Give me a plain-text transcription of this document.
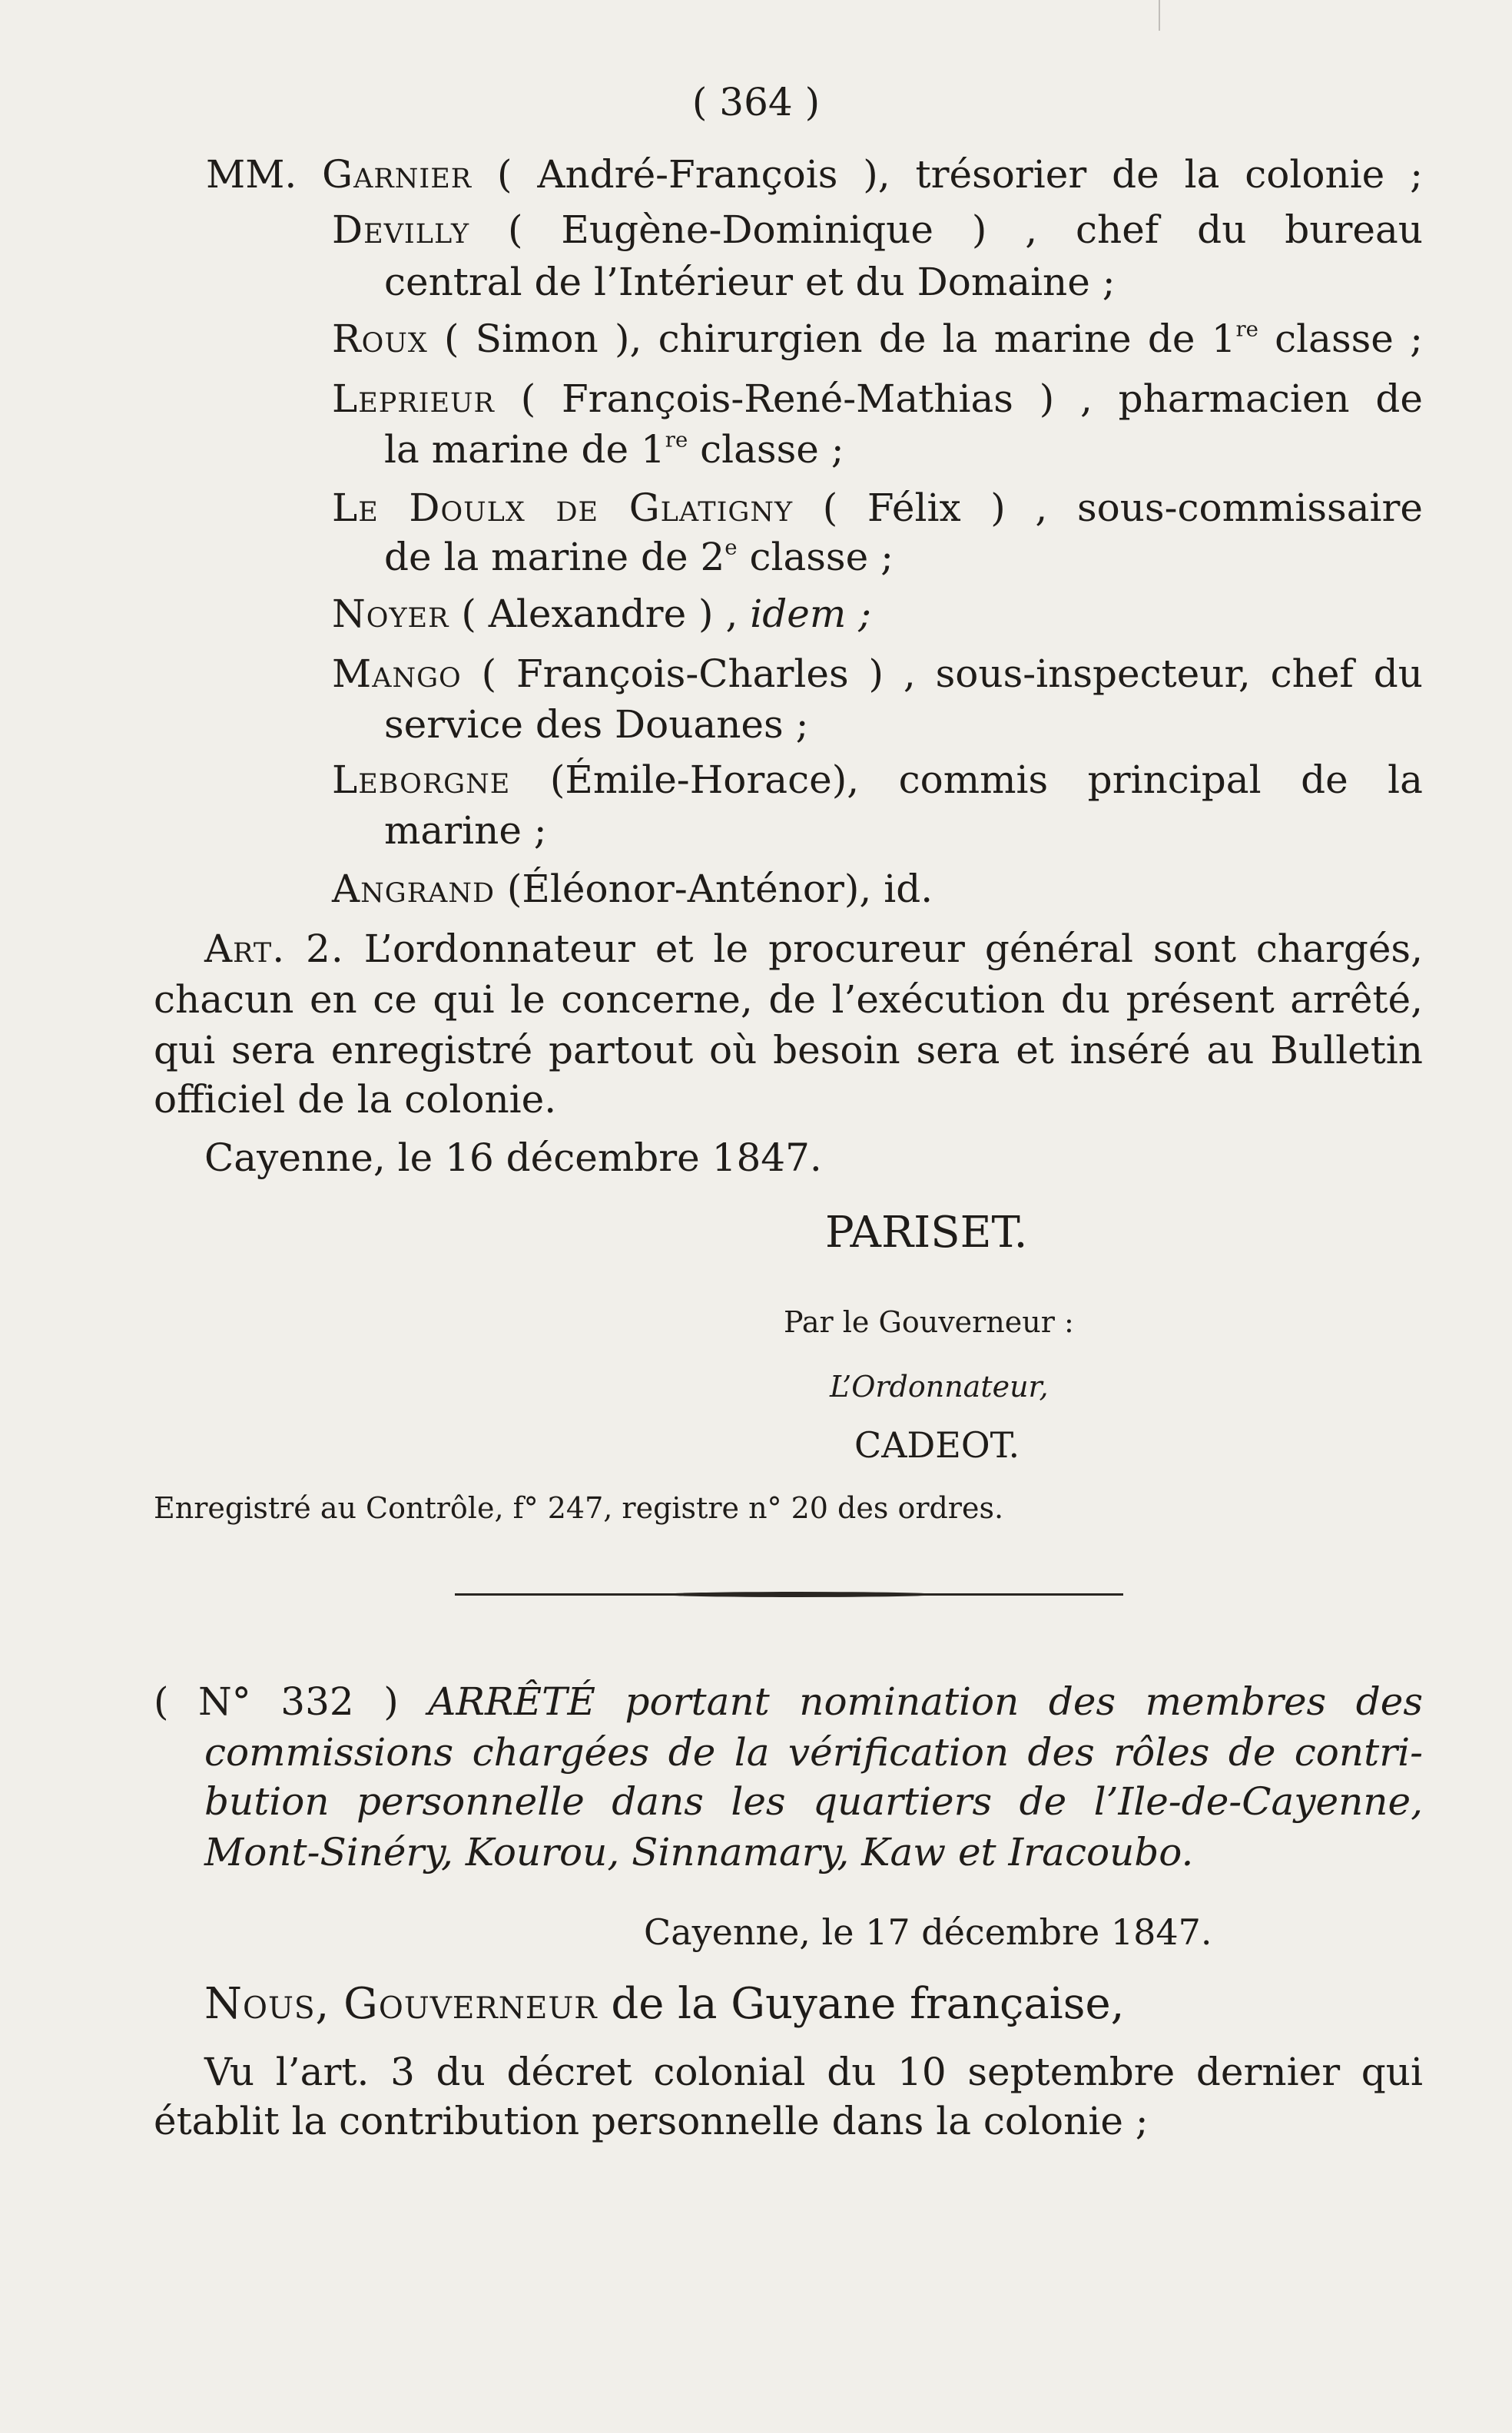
( 364 )
MM. Garnier ( André-François ), trésorier de la colonie ;
Devilly ( Eugène-Dominique ) , chef du bureau
central de l’Intérieur et du Domaine ;
Roux ( Simon ), chirurgien de la marine de 1re classe ;
Leprieur ( François-René-Mathias ) , pharmacien de
la marine de 1re classe ;
Le Doulx de Glatigny ( Félix ) , sous-commissaire
de la marine de 2e classe ;
Noyer ( Alexandre ) , idem ;
Mango ( François-Charles ) , sous-inspecteur, chef du
service des Douanes ;
Leborgne (Émile-Horace), commis principal de la
marine ;
Angrand (Éléonor-Anténor), id.
Art. 2. L’ordonnateur et le procureur général sont chargés,
chacun en ce qui le concerne, de l’exécution du présent arrêté,
qui sera enregistré partout où besoin sera et inséré au Bulletin
officiel de la colonie.
Cayenne, le 16 décembre 1847.
PARISET.
Par le Gouverneur :
L’Ordonnateur,
CADEOT.
Enregistré au Contrôle, f° 247, registre n° 20 des ordres.
( N° 332 ) ARRÊTÉ portant nomination des membres des
commissions chargées de la vérification des rôles de contri-
bution personnelle dans les quartiers de l’Ile-de-Cayenne,
Mont-Sinéry, Kourou, Sinnamary, Kaw et Iracoubo.
Cayenne, le 17 décembre 1847.
Nous, Gouverneur de la Guyane française,
Vu l’art. 3 du décret colonial du 10 septembre dernier qui
établit la contribution personnelle dans la colonie ;
